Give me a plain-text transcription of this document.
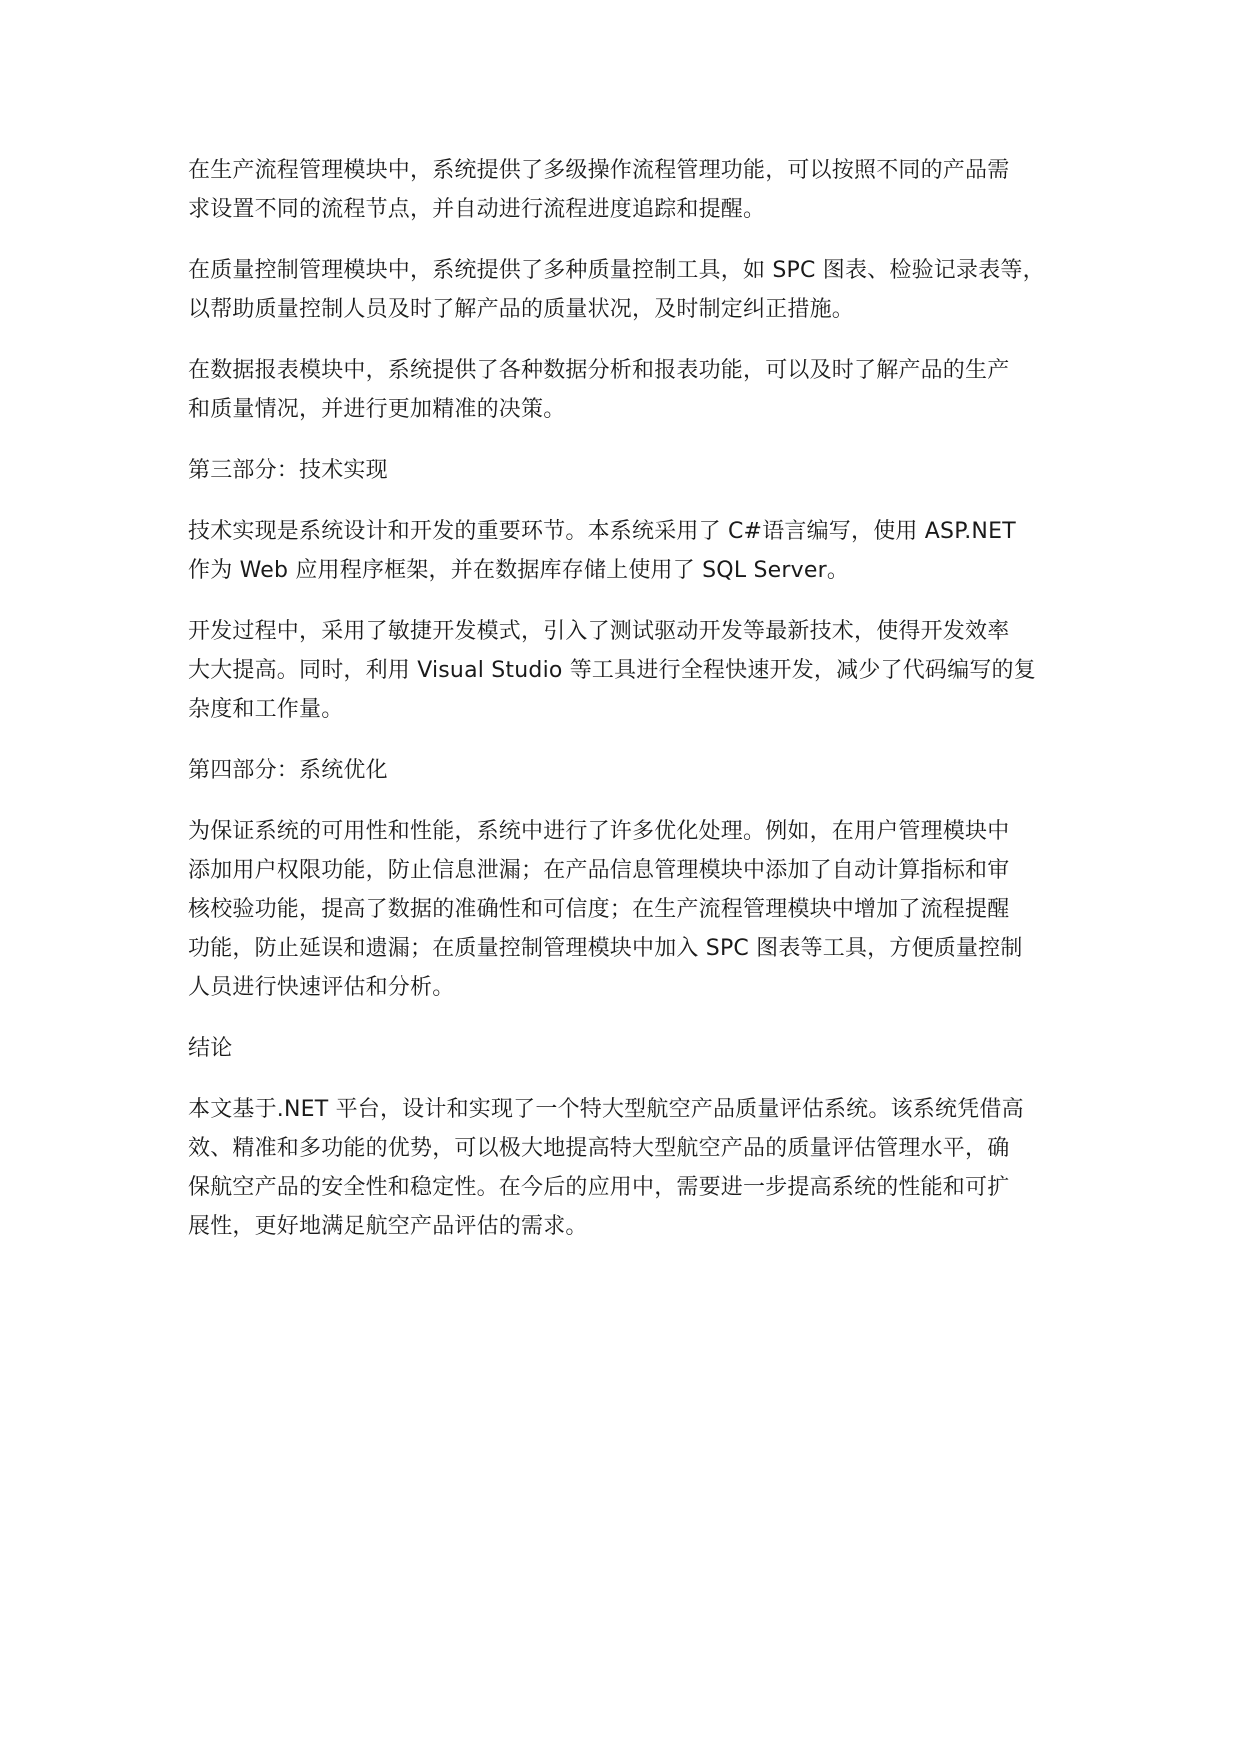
在生产流程管理模块中，系统提供了多级操作流程管理功能，可以按照不同的产品需
求设置不同的流程节点，并自动进行流程进度追踪和提醒。

在质量控制管理模块中，系统提供了多种质量控制工具，如 SPC 图表、检验记录表等，
以帮助质量控制人员及时了解产品的质量状况，及时制定纠正措施。

在数据报表模块中，系统提供了各种数据分析和报表功能，可以及时了解产品的生产
和质量情况，并进行更加精准的决策。

第三部分：技术实现

技术实现是系统设计和开发的重要环节。本系统采用了 C#语言编写，使用 ASP.NET
作为 Web 应用程序框架，并在数据库存储上使用了 SQL Server。

开发过程中，采用了敏捷开发模式，引入了测试驱动开发等最新技术，使得开发效率
大大提高。同时，利用 Visual Studio 等工具进行全程快速开发，减少了代码编写的复
杂度和工作量。

第四部分：系统优化

为保证系统的可用性和性能，系统中进行了许多优化处理。例如，在用户管理模块中
添加用户权限功能，防止信息泄漏；在产品信息管理模块中添加了自动计算指标和审
核校验功能，提高了数据的准确性和可信度；在生产流程管理模块中增加了流程提醒
功能，防止延误和遗漏；在质量控制管理模块中加入 SPC 图表等工具，方便质量控制
人员进行快速评估和分析。

结论

本文基于.NET 平台，设计和实现了一个特大型航空产品质量评估系统。该系统凭借高
效、精准和多功能的优势，可以极大地提高特大型航空产品的质量评估管理水平，确
保航空产品的安全性和稳定性。在今后的应用中，需要进一步提高系统的性能和可扩
展性，更好地满足航空产品评估的需求。
